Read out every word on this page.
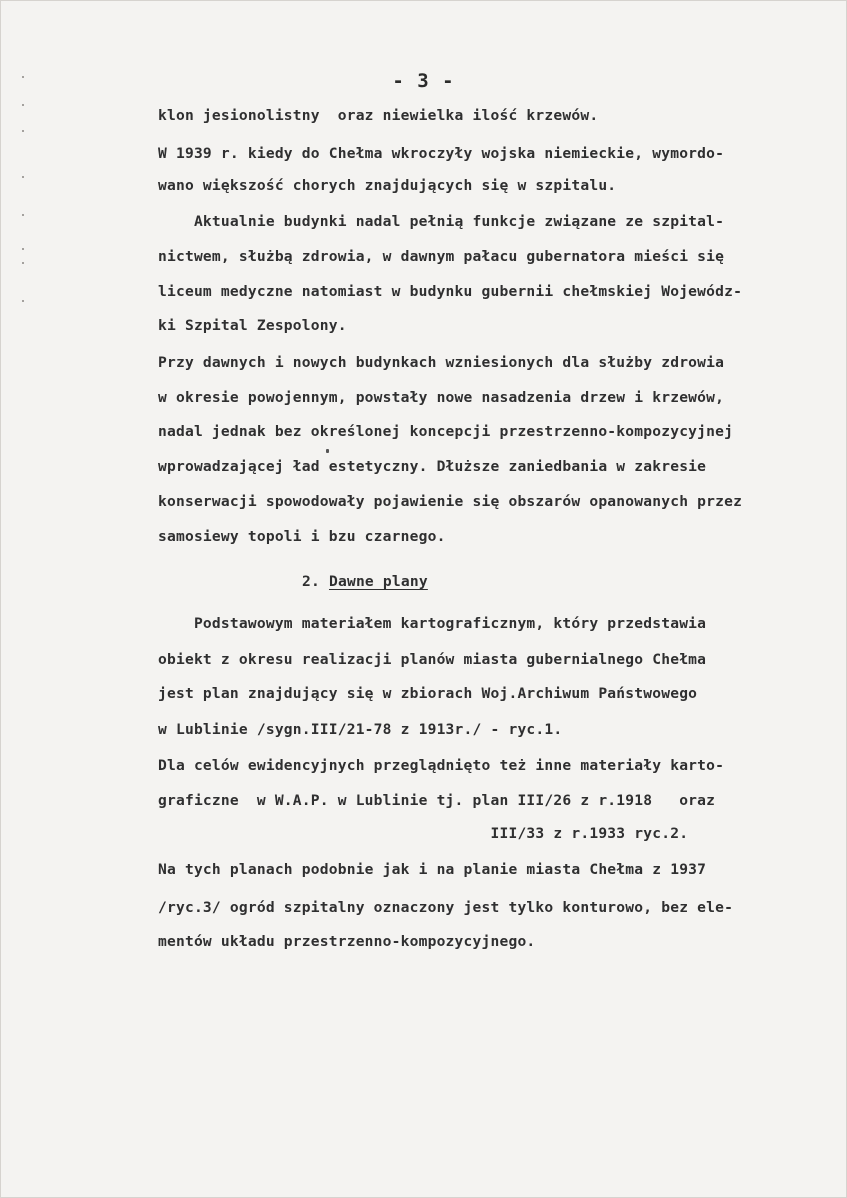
- 3 -
klon jesionolistny  oraz niewielka ilość krzewów.
W 1939 r. kiedy do Chełma wkroczyły wojska niemieckie, wymordo-
wano większość chorych znajdujących się w szpitalu.
Aktualnie budynki nadal pełnią funkcje związane ze szpital-
nictwem, służbą zdrowia, w dawnym pałacu gubernatora mieści się
liceum medyczne natomiast w budynku gubernii chełmskiej Wojewódz-
ki Szpital Zespolony.
Przy dawnych i nowych budynkach wzniesionych dla służby zdrowia
w okresie powojennym, powstały nowe nasadzenia drzew i krzewów,
nadal jednak bez określonej koncepcji przestrzenno-kompozycyjnej
wprowadzającej ład estetyczny. Dłuższe zaniedbania w zakresie
konserwacji spowodowały pojawienie się obszarów opanowanych przez
samosiewy topoli i bzu czarnego.
2. Dawne plany
Podstawowym materiałem kartograficznym, który przedstawia
obiekt z okresu realizacji planów miasta gubernialnego Chełma
jest plan znajdujący się w zbiorach Woj.Archiwum Państwowego
w Lublinie /sygn.III/21-78 z 1913r./ - ryc.1.
Dla celów ewidencyjnych przeglądnięto też inne materiały karto-
graficzne  w W.A.P. w Lublinie tj. plan III/26 z r.1918   oraz
III/33 z r.1933 ryc.2.
Na tych planach podobnie jak i na planie miasta Chełma z 1937
/ryc.3/ ogród szpitalny oznaczony jest tylko konturowo, bez ele-
mentów układu przestrzenno-kompozycyjnego.
